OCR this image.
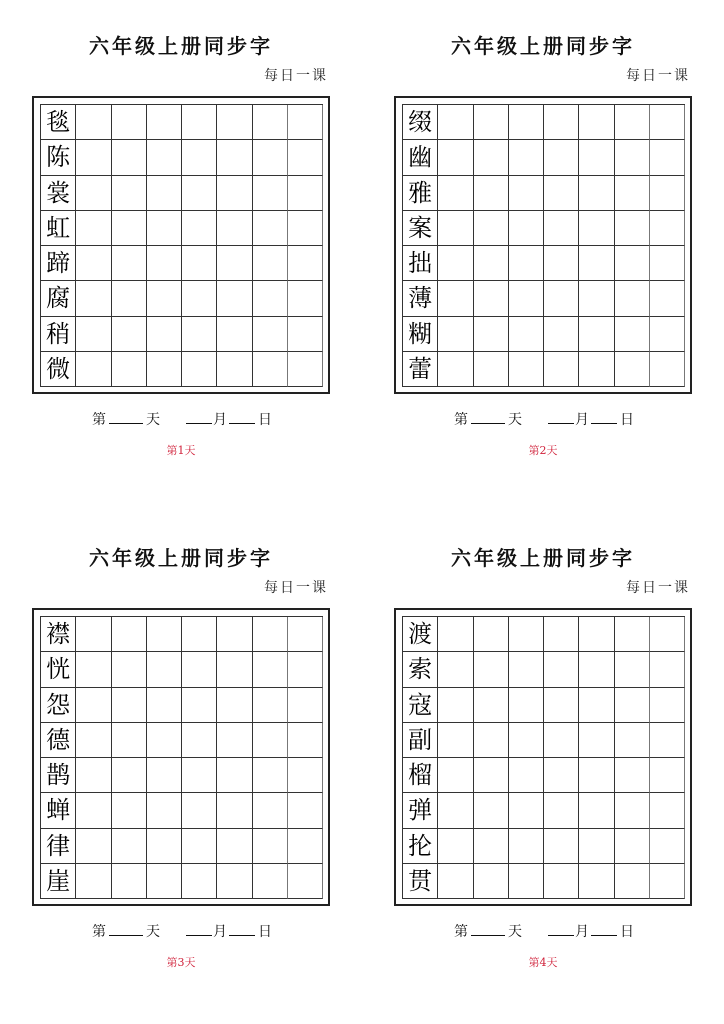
六年级上册同步字
每日一课
毯
陈
裳
虹
蹄
腐
稍
微
第	天	月 日
第1天
六年级上册同步字
每日一课
缀
幽
雅
案
拙
薄
糊
蕾
第	天	月 日
第2天
六年级上册同步字
每日一课
襟
恍
怨
德
鹊
蝉
律
崖
第	天	月 日
第3天
六年级上册同步字
每日一课
渡
索
寇
副
榴
弹
抡
贯
第	天	月 日
第4天
